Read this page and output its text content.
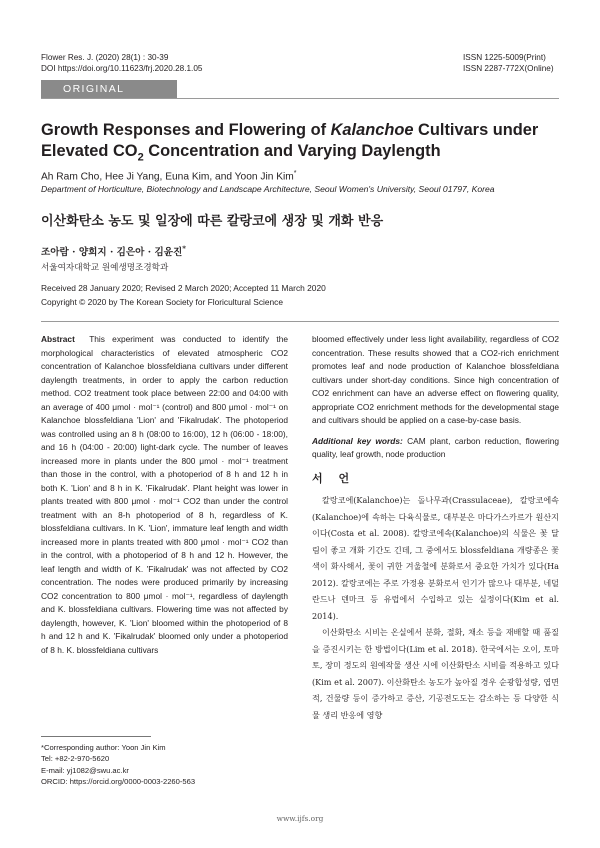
Flower Res. J. (2020) 28(1) : 30-39
DOI https://doi.org/10.11623/frj.2020.28.1.05
ISSN 1225-5009(Print)
ISSN 2287-772X(Online)
ORIGINAL ARTICLE
Growth Responses and Flowering of Kalanchoe Cultivars under
Elevated $CO_2$ Concentration and Varying Daylength
Ah Ram Cho, Hee Ji Yang, Euna Kim, and Yoon Jin Kim*
Department of Horticulture, Biotechnology and Landscape Architecture, Seoul Women's University, Seoul 01797, Korea
이산화탄소 농도 및 일장에 따른 칼랑코에 생장 및 개화 반응
조아람 · 양희지 · 김은아 · 김윤진*
서울여자대학교 원예생명조경학과
Received 28 January 2020; Revised 2 March 2020; Accepted 11 March 2020
Copyright © 2020 by The Korean Society for Floricultural Science

Abstract This experiment was conducted to identify the morphological characteristics of elevated atmospheric CO2 concentration of Kalanchoe blossfeldiana cultivars under different daylength treatments, in order to apply the carbon reduction method. CO2 treatment took place between 22:00 and 04:00 with an average of 400 μmol · mol⁻¹ (control) and 800 μmol · mol⁻¹ on Kalanchoe blossfeldiana 'Lion' and 'Fikalrudak'. The photoperiod was controlled using an 8 h (08:00 to 16:00), 12 h (06:00 - 18:00), and 16 h (04:00 - 20:00) light-dark cycle. The number of leaves increased more in plants under the 800 μmol · mol⁻¹ treatment than those in the control, with a photoperiod of 8 h and 12 h in both K. 'Lion' and 8 h in K. 'Fikalrudak'. Plant height was lower in plants treated with 800 μmol · mol⁻¹ CO2 than under the control treatment with an 8-h photoperiod of 8 h, regardless of K. blossfeldiana cultivars. In K. 'Lion', immature leaf length and width increased more in plants treated with 800 μmol · mol⁻¹ CO2 than in the control, with a photoperiod of 8 h and 12 h. However, the leaf length and width of K. 'Fikalrudak' was not affected by CO2 concentration. The nodes were produced primarily by increasing CO2 concentration to 800 μmol · mol⁻¹, regardless of daylength and K. blossfeldiana cultivars. Flowering time was not affected by daylength, however, K. 'Lion' bloomed within the photoperiod of 8 h and 12 h and K. 'Fikalrudak' bloomed only under a photoperiod of 8 h. K. blossfeldiana cultivars

bloomed effectively under less light availability, regardless of CO2 concentration. These results showed that a CO2-rich enrichment promotes leaf and node production of Kalanchoe blossfeldiana cultivars under short-day conditions. Since high concentration of CO2 enrichment can have an adverse effect on flowering quality, appropriate CO2 enrichment methods for the developmental stage and cultivars should be applied on a case-by-case basis.

Additional key words: CAM plant, carbon reduction, flowering quality, leaf growth, node production

서 언

칼랑코에(Kalanchoe)는 돌나무과(Crassulaceae), 칼랑코에속(Kalanchoe)에 속하는 다육식물로, 대부분은 마다가스카르가 원산지이다(Costa et al. 2008). 칼랑코에속(Kalanchoe)의 식물은 꽃 달림이 좋고 개화 기간도 긴데, 그 중에서도 blossfeldiana 개량종은 꽃 색이 화사해서, 꽃이 귀한 겨울철에 분화로서 중요한 가치가 있다(Ha 2012). 칼랑코에는 주로 가정용 분화로서 인기가 많으나 대부분, 네덜란드나 덴마크 등 유럽에서 수입하고 있는 실정이다(Kim et al. 2014).

이산화탄소 시비는 온실에서 분화, 절화, 채소 등을 재배할 때 품질을 증진시키는 한 방법이다(Lim et al. 2018). 한국에서는 오이, 토마토, 장미 정도의 원예작물 생산 시에 이산화탄소 시비를 적용하고 있다(Kim et al. 2007). 이산화탄소 농도가 높아질 경우 순광합성량, 엽면적, 건물량 등이 증가하고 증산, 기공전도도는 감소하는 등 다양한 식물 생리 반응에 영향

*Corresponding author: Yoon Jin Kim
Tel: +82-2-970-5620
E-mail: yj1082@swu.ac.kr
ORCID: https://orcid.org/0000-0003-2260-563
www.ijfs.org
